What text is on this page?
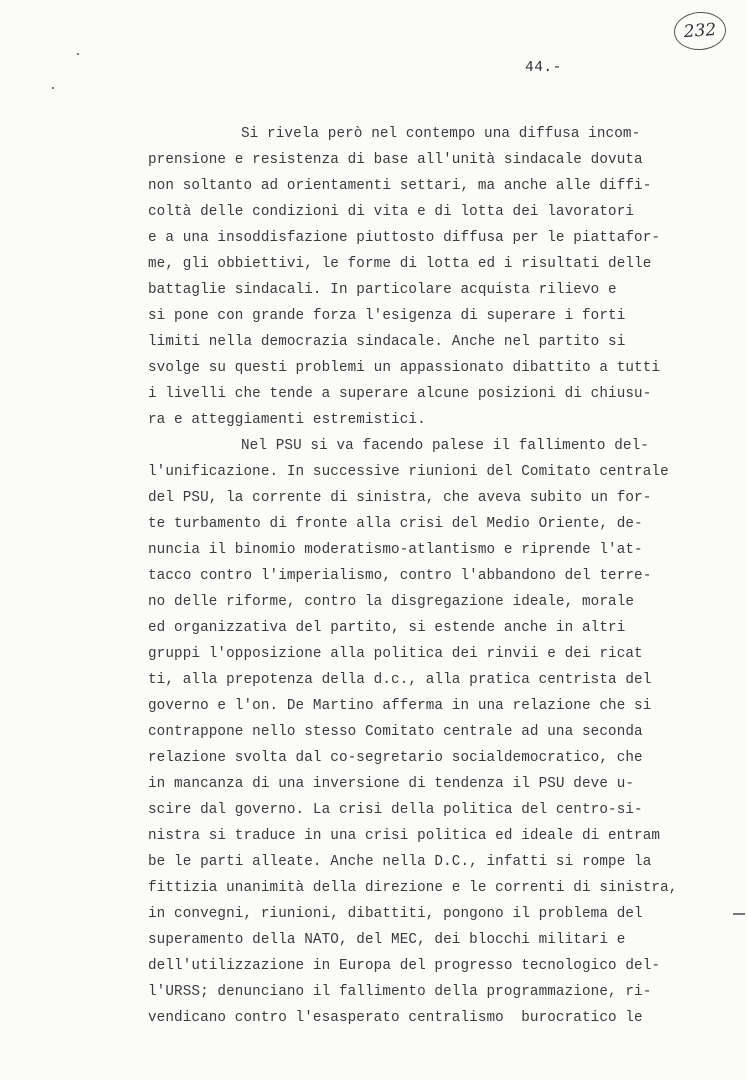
232
44.-
Si rivela però nel contempo una diffusa incom-
prensione e resistenza di base all'unità sindacale dovuta
non soltanto ad orientamenti settari, ma anche alle diffi-
coltà delle condizioni di vita e di lotta dei lavoratori
e a una insoddisfazione piuttosto diffusa per le piattafor-
me, gli obbiettivi, le forme di lotta ed i risultati delle
battaglie sindacali. In particolare acquista rilievo e
si pone con grande forza l'esigenza di superare i forti
limiti nella democrazia sindacale. Anche nel partito si
svolge su questi problemi un appassionato dibattito a tutti
i livelli che tende a superare alcune posizioni di chiusu-
ra e atteggiamenti estremistici.
Nel PSU si va facendo palese il fallimento del-
l'unificazione. In successive riunioni del Comitato centrale
del PSU, la corrente di sinistra, che aveva subito un for-
te turbamento di fronte alla crisi del Medio Oriente, de-
nuncia il binomio moderatismo-atlantismo e riprende l'at-
tacco contro l'imperialismo, contro l'abbandono del terre-
no delle riforme, contro la disgregazione ideale, morale
ed organizzativa del partito, si estende anche in altri
gruppi l'opposizione alla politica dei rinvii e dei ricat
ti, alla prepotenza della d.c., alla pratica centrista del
governo e l'on. De Martino afferma in una relazione che si
contrappone nello stesso Comitato centrale ad una seconda
relazione svolta dal co-segretario socialdemocratico, che
in mancanza di una inversione di tendenza il PSU deve u-
scire dal governo. La crisi della politica del centro-si-
nistra si traduce in una crisi politica ed ideale di entram
be le parti alleate. Anche nella D.C., infatti si rompe la
fittizia unanimità della direzione e le correnti di sinistra,
in convegni, riunioni, dibattiti, pongono il problema del
superamento della NATO, del MEC, dei blocchi militari e
dell'utilizzazione in Europa del progresso tecnologico del-
l'URSS; denunciano il fallimento della programmazione, ri-
vendicano contro l'esasperato centralismo  burocratico le
